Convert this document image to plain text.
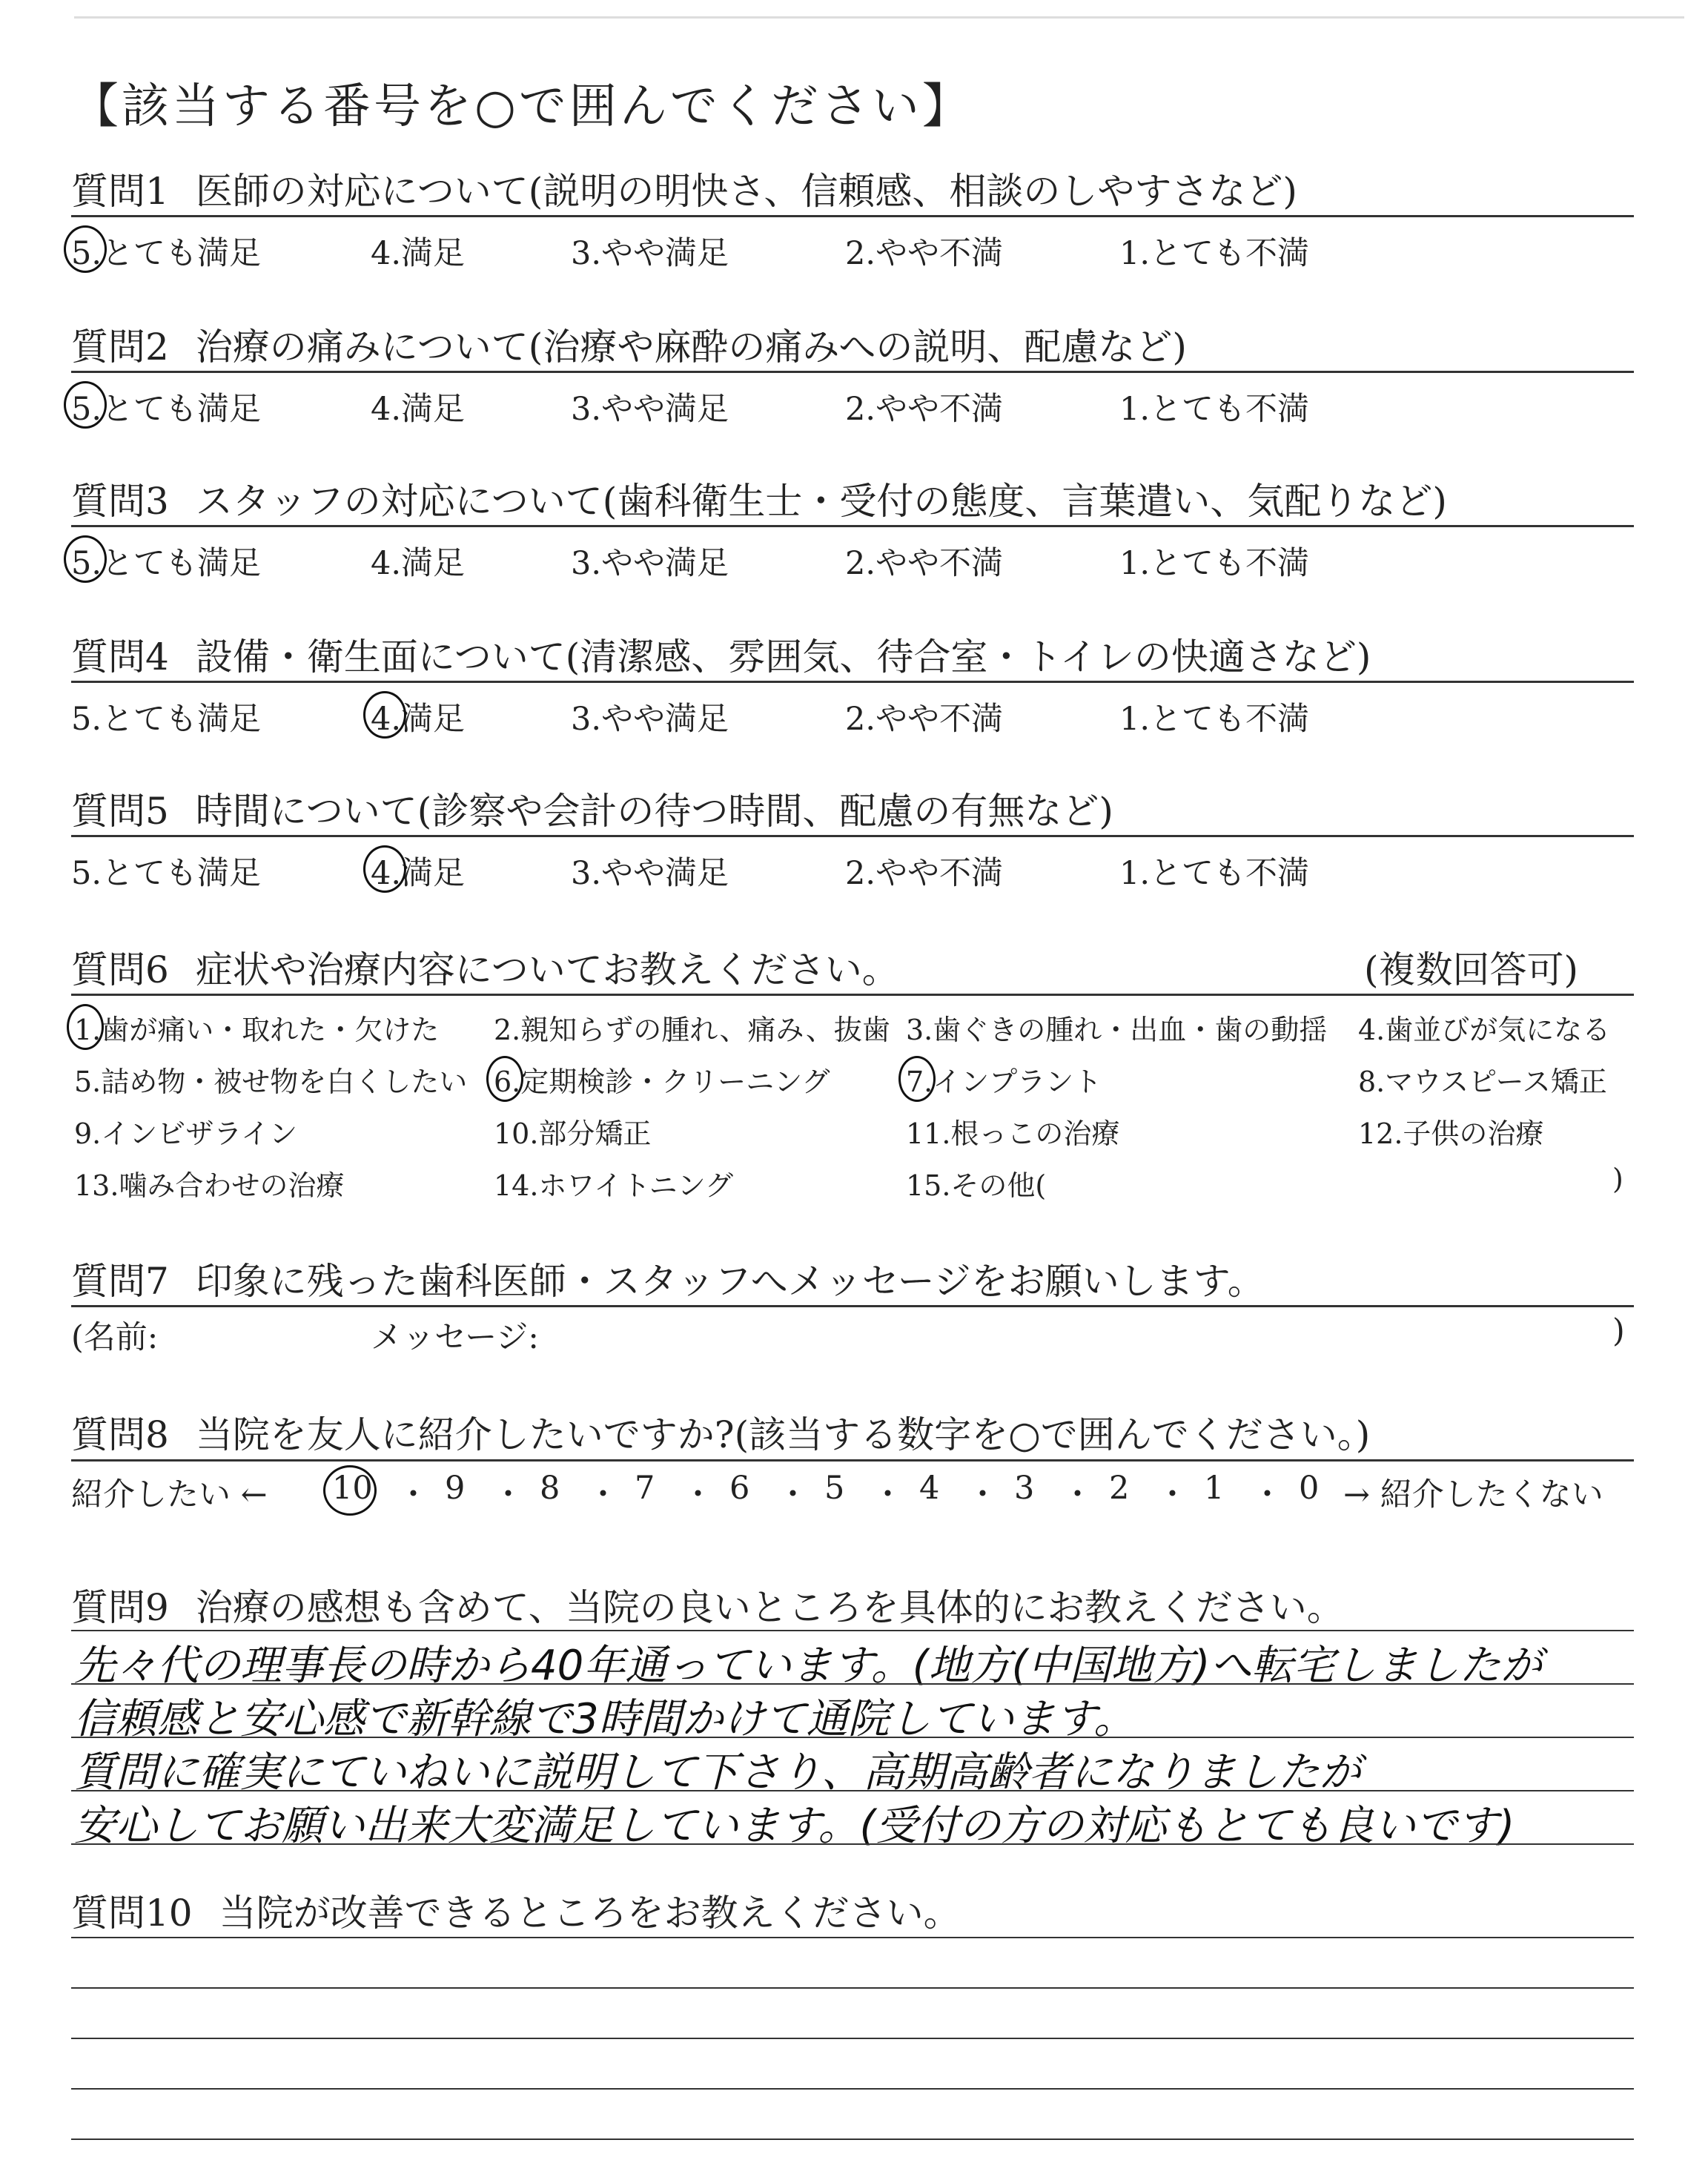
【該当する番号を○で囲んでください】
質問1 医師の対応について(説明の明快さ、信頼感、相談のしやすさなど)
5.とても満足	4.満足	3.やや満足	2.やや不満	1.とても不満
質問2 治療の痛みについて(治療や麻酔の痛みへの説明、配慮など)
5.とても満足	4.満足	3.やや満足	2.やや不満	1.とても不満
質問3 スタッフの対応について(歯科衛生士・受付の態度、言葉遣い、気配りなど)
5.とても満足	4.満足	3.やや満足	2.やや不満	1.とても不満
質問4 設備・衛生面について(清潔感、雰囲気、待合室・トイレの快適さなど)
5.とても満足	4.満足	3.やや満足	2.やや不満	1.とても不満
質問5 時間について(診察や会計の待つ時間、配慮の有無など)
5.とても満足	4.満足	3.やや満足	2.やや不満	1.とても不満
質問6 症状や治療内容についてお教えください。	(複数回答可)
1.歯が痛い・取れた・欠けた 2.親知らずの腫れ、痛み、抜歯 3.歯ぐきの腫れ・出血・歯の動揺 4.歯並びが気になる
5.詰め物・被せ物を白くしたい 6.定期検診・クリーニング	7.インプラント	8.マウスピース矯正
9.インビザライン	10.部分矯正	11.根っこの治療	12.子供の治療
13.噛み合わせの治療	14.ホワイトニング	15.その他(	)
質問7 印象に残った歯科医師・スタッフへメッセージをお願いします。
(名前:	メッセージ:	)
質問8 当院を友人に紹介したいですか?(該当する数字を○で囲んでください。)
紹介したい ← 10 ・ 9 ・ 8 ・ 7 ・ 6 ・ 5 ・ 4 ・ 3 ・ 2 ・ 1 ・ 0 → 紹介したくない
質問9 治療の感想も含めて、当院の良いところを具体的にお教えください。
先々代の理事長の時から40年通っています。(地方(中国地方)へ転宅しましたが
信頼感と安心感で新幹線で3時間かけて通院しています。
質問に確実にていねいに説明して下さり、高期高齢者になりましたが
安心してお願い出来大変満足しています。(受付の方の対応もとても良いです)
質問10 当院が改善できるところをお教えください。
